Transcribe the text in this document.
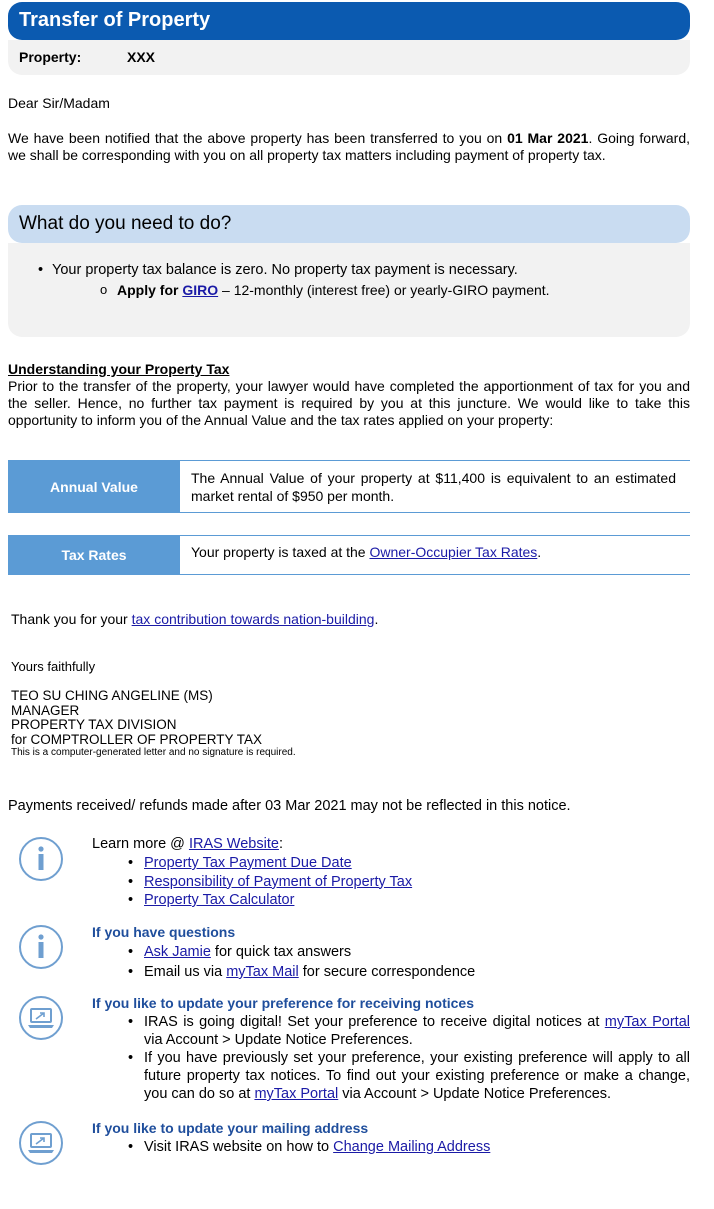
Transfer of Property
Property:	XXX
Dear Sir/Madam
We have been notified that the above property has been transferred to you on 01 Mar 2021. Going forward, we shall be corresponding with you on all property tax matters including payment of property tax.
What do you need to do?
• Your property tax balance is zero. No property tax payment is necessary.
o Apply for GIRO – 12-monthly (interest free) or yearly-GIRO payment.
Understanding your Property Tax
Prior to the transfer of the property, your lawyer would have completed the apportionment of tax for you and the seller. Hence, no further tax payment is required by you at this juncture. We would like to take this opportunity to inform you of the Annual Value and the tax rates applied on your property:
Annual Value
The Annual Value of your property at $11,400 is equivalent to an estimated market rental of $950 per month.
Tax Rates	Your property is taxed at the Owner-Occupier Tax Rates.
Thank you for your tax contribution towards nation-building.
Yours faithfully
TEO SU CHING ANGELINE (MS)
MANAGER
PROPERTY TAX DIVISION
for COMPTROLLER OF PROPERTY TAX
This is a computer-generated letter and no signature is required.
Payments received/ refunds made after 03 Mar 2021 may not be reflected in this notice.
Learn more @ IRAS Website:
• Property Tax Payment Due Date
• Responsibility of Payment of Property Tax
• Property Tax Calculator
If you have questions
• Ask Jamie for quick tax answers
• Email us via myTax Mail for secure correspondence
If you like to update your preference for receiving notices
• IRAS is going digital! Set your preference to receive digital notices at myTax Portal via Account > Update Notice Preferences.
• If you have previously set your preference, your existing preference will apply to all future property tax notices. To find out your existing preference or make a change, you can do so at myTax Portal via Account > Update Notice Preferences.
If you like to update your mailing address
• Visit IRAS website on how to Change Mailing Address
